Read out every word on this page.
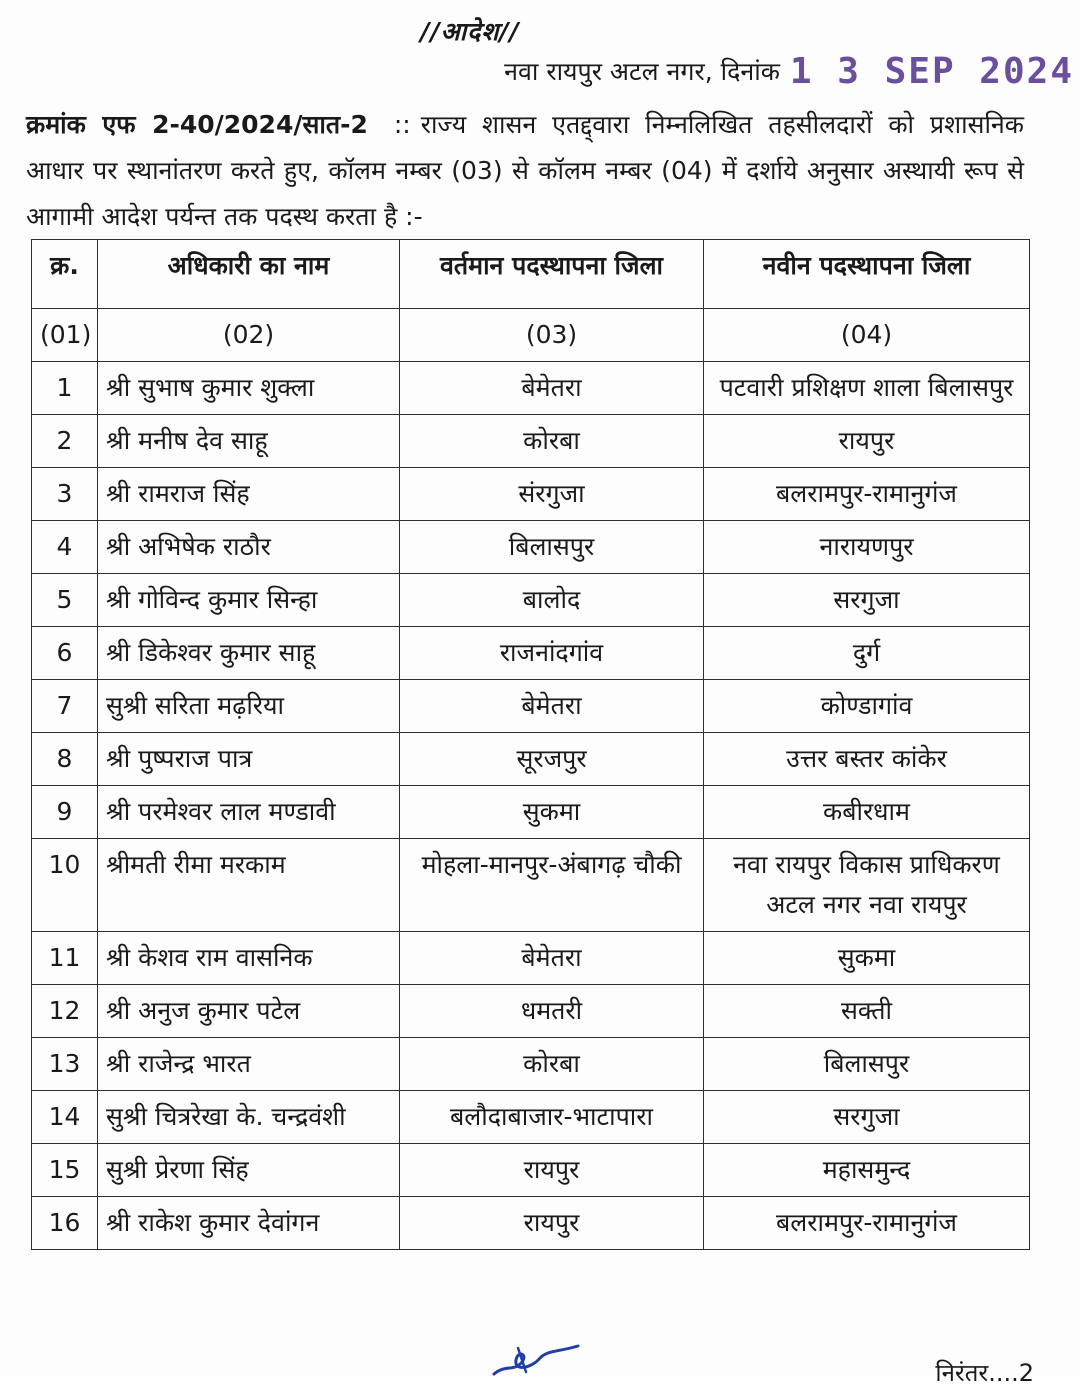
//आदेश//
नवा रायपुर अटल नगर, दिनांक 1 3 SEP 2024
क्रमांक एफ 2-40/2024/सात-2 :: राज्य शासन एतद्द्वारा निम्नलिखित तहसीलदारों को प्रशासनिक आधार पर स्थानांतरण करते हुए, कॉलम नम्बर (03) से कॉलम नम्बर (04) में दर्शाये अनुसार अस्थायी रूप से आगामी आदेश पर्यन्त तक पदस्थ करता है :-
क्र.	अधिकारी का नाम	वर्तमान पदस्थापना जिला	नवीन पदस्थापना जिला
(01)	(02)	(03)	(04)
1	श्री सुभाष कुमार शुक्ला	बेमेतरा	पटवारी प्रशिक्षण शाला बिलासपुर
2	श्री मनीष देव साहू	कोरबा	रायपुर
3	श्री रामराज सिंह	संरगुजा	बलरामपुर-रामानुगंज
4	श्री अभिषेक राठौर	बिलासपुर	नारायणपुर
5	श्री गोविन्द कुमार सिन्हा	बालोद	सरगुजा
6	श्री डिकेश्वर कुमार साहू	राजनांदगांव	दुर्ग
7	सुश्री सरिता मढ़रिया	बेमेतरा	कोण्डागांव
8	श्री पुष्पराज पात्र	सूरजपुर	उत्तर बस्तर कांकेर
9	श्री परमेश्वर लाल मण्डावी	सुकमा	कबीरधाम
10	श्रीमती रीमा मरकाम	मोहला-मानपुर-अंबागढ़ चौकी	नवा रायपुर विकास प्राधिकरण अटल नगर नवा रायपुर
11	श्री केशव राम वासनिक	बेमेतरा	सुकमा
12	श्री अनुज कुमार पटेल	धमतरी	सक्ती
13	श्री राजेन्द्र भारत	कोरबा	बिलासपुर
14	सुश्री चित्ररेखा के. चन्द्रवंशी	बलौदाबाजार-भाटापारा	सरगुजा
15	सुश्री प्रेरणा सिंह	रायपुर	महासमुन्द
16	श्री राकेश कुमार देवांगन	रायपुर	बलरामपुर-रामानुगंज
निरंतर....2
